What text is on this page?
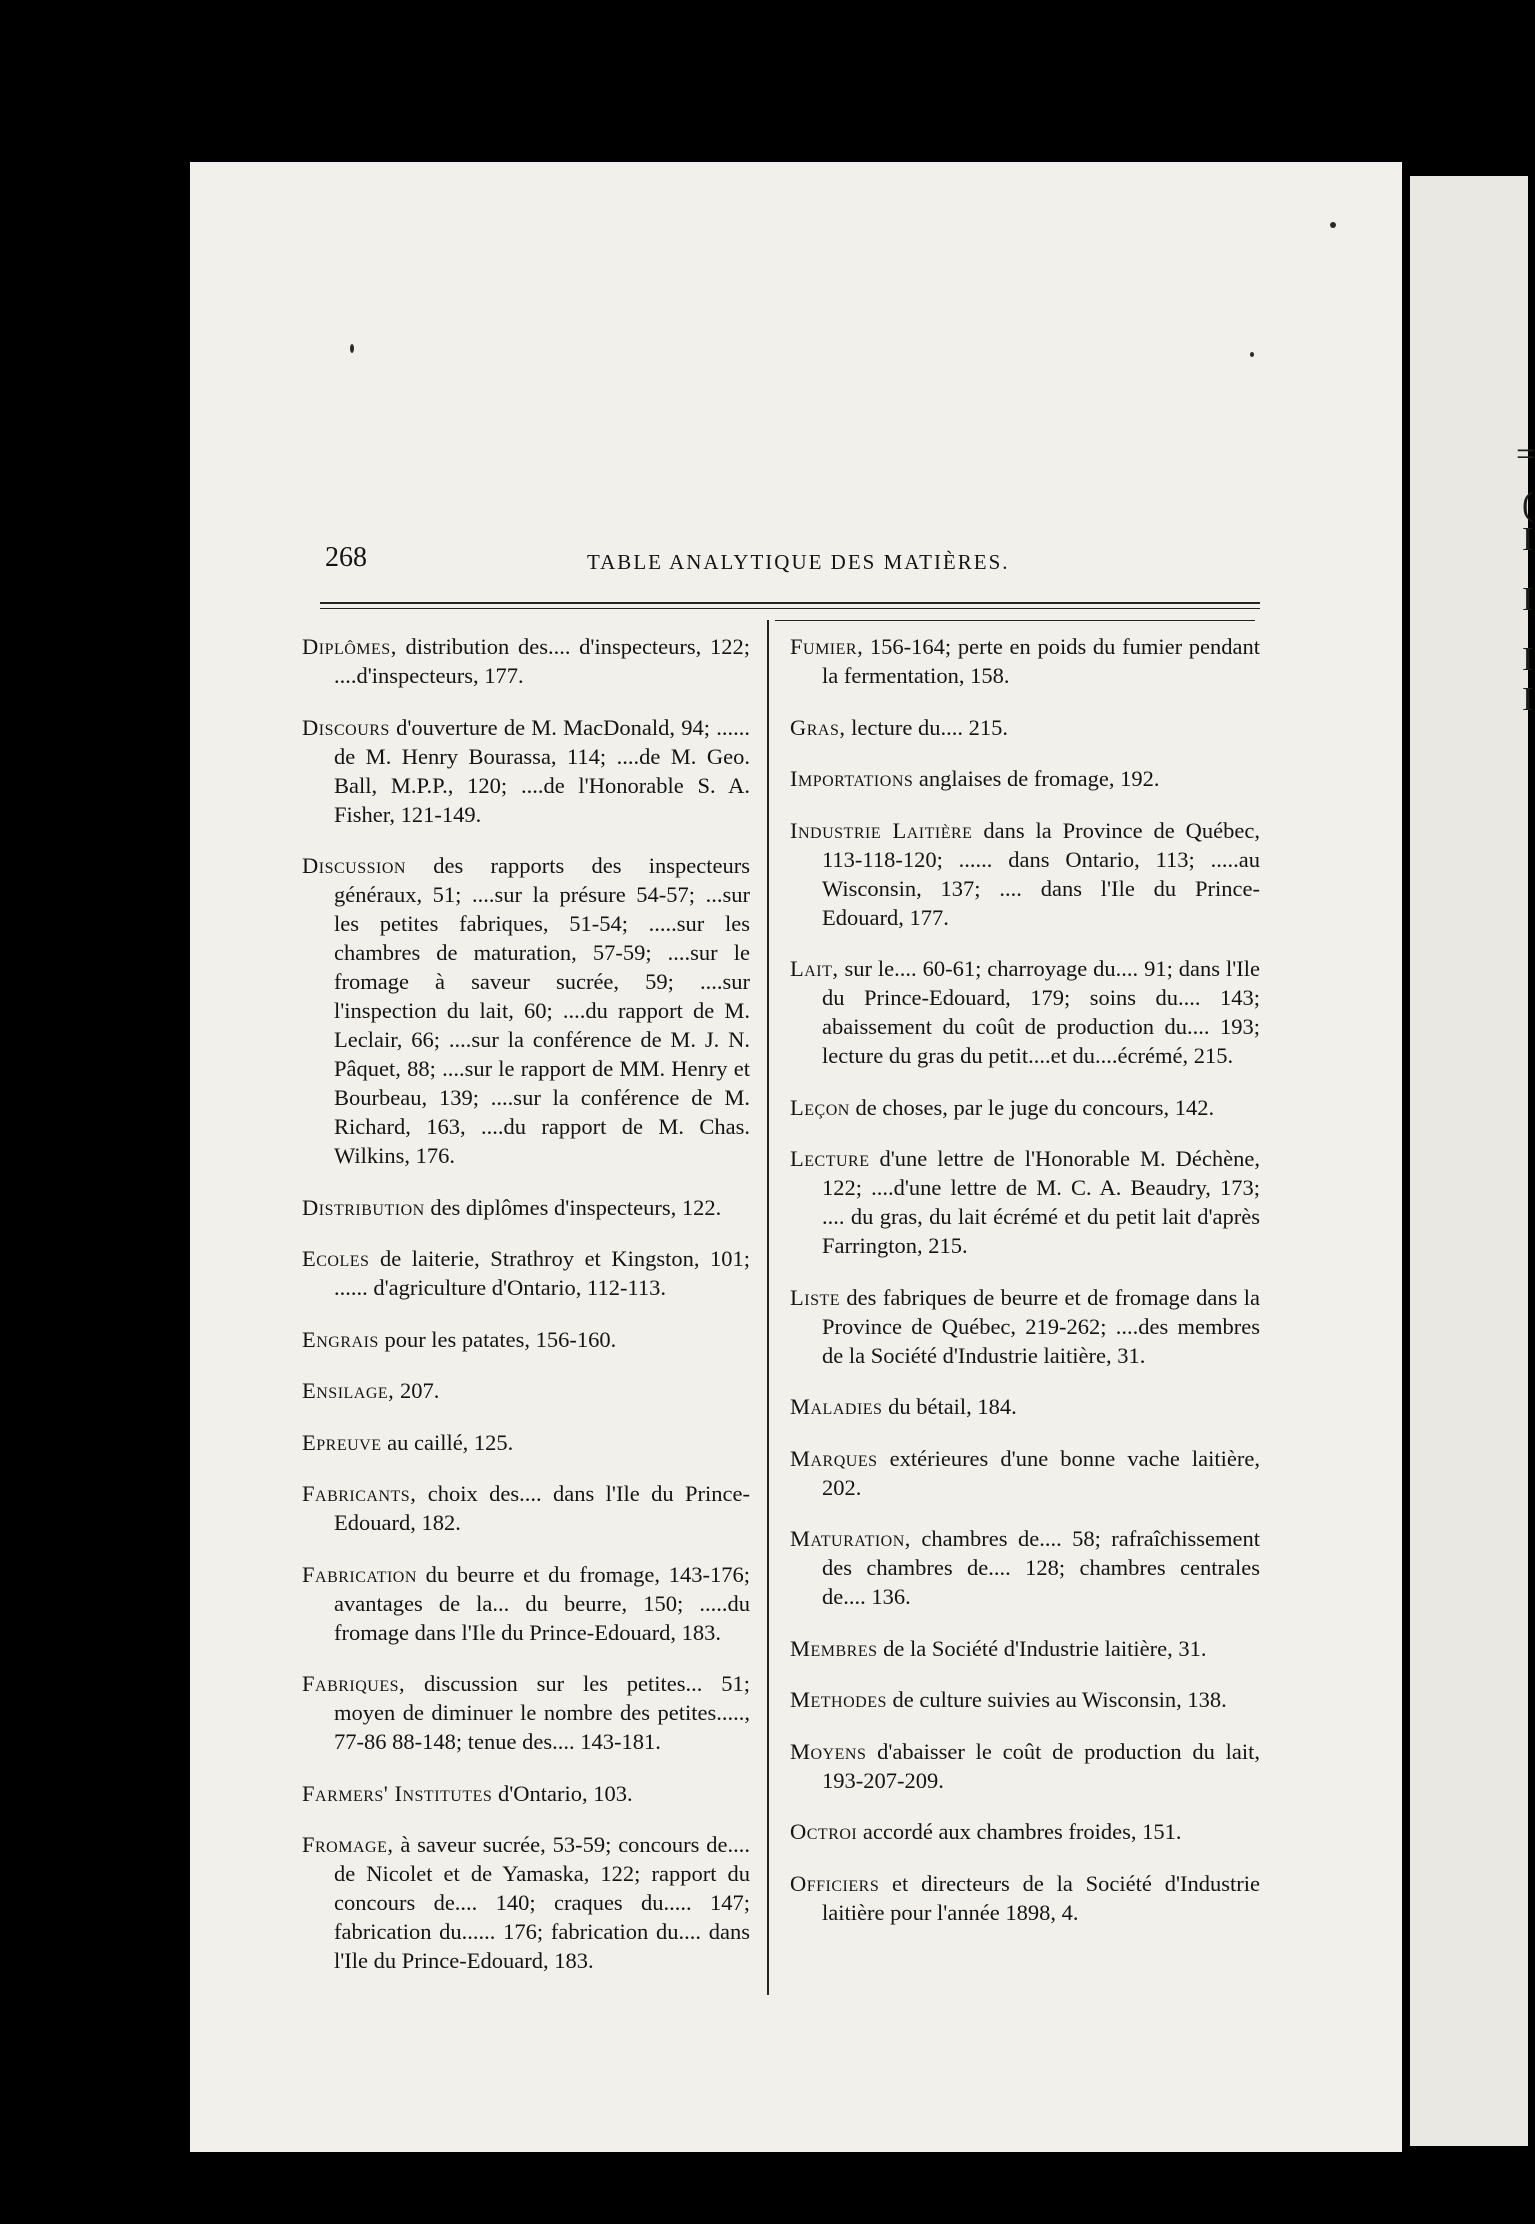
=
(
I
I
I
I
268	TABLE ANALYTIQUE DES MATIÈRES.

Diplômes, distribution des.... d'inspecteurs, 122; ....d'inspecteurs, 177.

Discours d'ouverture de M. MacDonald, 94; ...... de M. Henry Bourassa, 114; ....de M. Geo. Ball, M.P.P., 120; ....de l'Honorable S. A. Fisher, 121-149.

Discussion des rapports des inspecteurs généraux, 51; ....sur la présure 54-57; ...sur les petites fabriques, 51-54; .....sur les chambres de maturation, 57-59; ....sur le fromage à saveur sucrée, 59; ....sur l'inspection du lait, 60; ....du rapport de M. Leclair, 66; ....sur la conférence de M. J. N. Pâquet, 88; ....sur le rapport de MM. Henry et Bourbeau, 139; ....sur la conférence de M. Richard, 163, ....du rapport de M. Chas. Wilkins, 176.

Distribution des diplômes d'inspecteurs, 122.

Ecoles de laiterie, Strathroy et Kingston, 101; ...... d'agriculture d'Ontario, 112-113.

Engrais pour les patates, 156-160.

Ensilage, 207.

Epreuve au caillé, 125.

Fabricants, choix des.... dans l'Ile du Prince-Edouard, 182.

Fabrication du beurre et du fromage, 143-176; avantages de la... du beurre, 150; .....du fromage dans l'Ile du Prince-Edouard, 183.

Fabriques, discussion sur les petites... 51; moyen de diminuer le nombre des petites....., 77-86 88-148; tenue des.... 143-181.

Farmers' Institutes d'Ontario, 103.

Fromage, à saveur sucrée, 53-59; concours de.... de Nicolet et de Yamaska, 122; rapport du concours de.... 140; craques du..... 147; fabrication du...... 176; fabrication du.... dans l'Ile du Prince-Edouard, 183.

Fumier, 156-164; perte en poids du fumier pendant la fermentation, 158.

Gras, lecture du.... 215.

Importations anglaises de fromage, 192.

Industrie Laitière dans la Province de Québec, 113-118-120; ...... dans Ontario, 113; .....au Wisconsin, 137; .... dans l'Ile du Prince-Edouard, 177.

Lait, sur le.... 60-61; charroyage du.... 91; dans l'Ile du Prince-Edouard, 179; soins du.... 143; abaissement du coût de production du.... 193; lecture du gras du petit....et du....écrémé, 215.

Leçon de choses, par le juge du concours, 142.

Lecture d'une lettre de l'Honorable M. Déchène, 122; ....d'une lettre de M. C. A. Beaudry, 173; .... du gras, du lait écrémé et du petit lait d'après Farrington, 215.

Liste des fabriques de beurre et de fromage dans la Province de Québec, 219-262; ....des membres de la Société d'Industrie laitière, 31.

Maladies du bétail, 184.

Marques extérieures d'une bonne vache laitière, 202.

Maturation, chambres de.... 58; rafraîchissement des chambres de.... 128; chambres centrales de.... 136.

Membres de la Société d'Industrie laitière, 31.

Methodes de culture suivies au Wisconsin, 138.

Moyens d'abaisser le coût de production du lait, 193-207-209.

Octroi accordé aux chambres froides, 151.

Officiers et directeurs de la Société d'Industrie laitière pour l'année 1898, 4.
